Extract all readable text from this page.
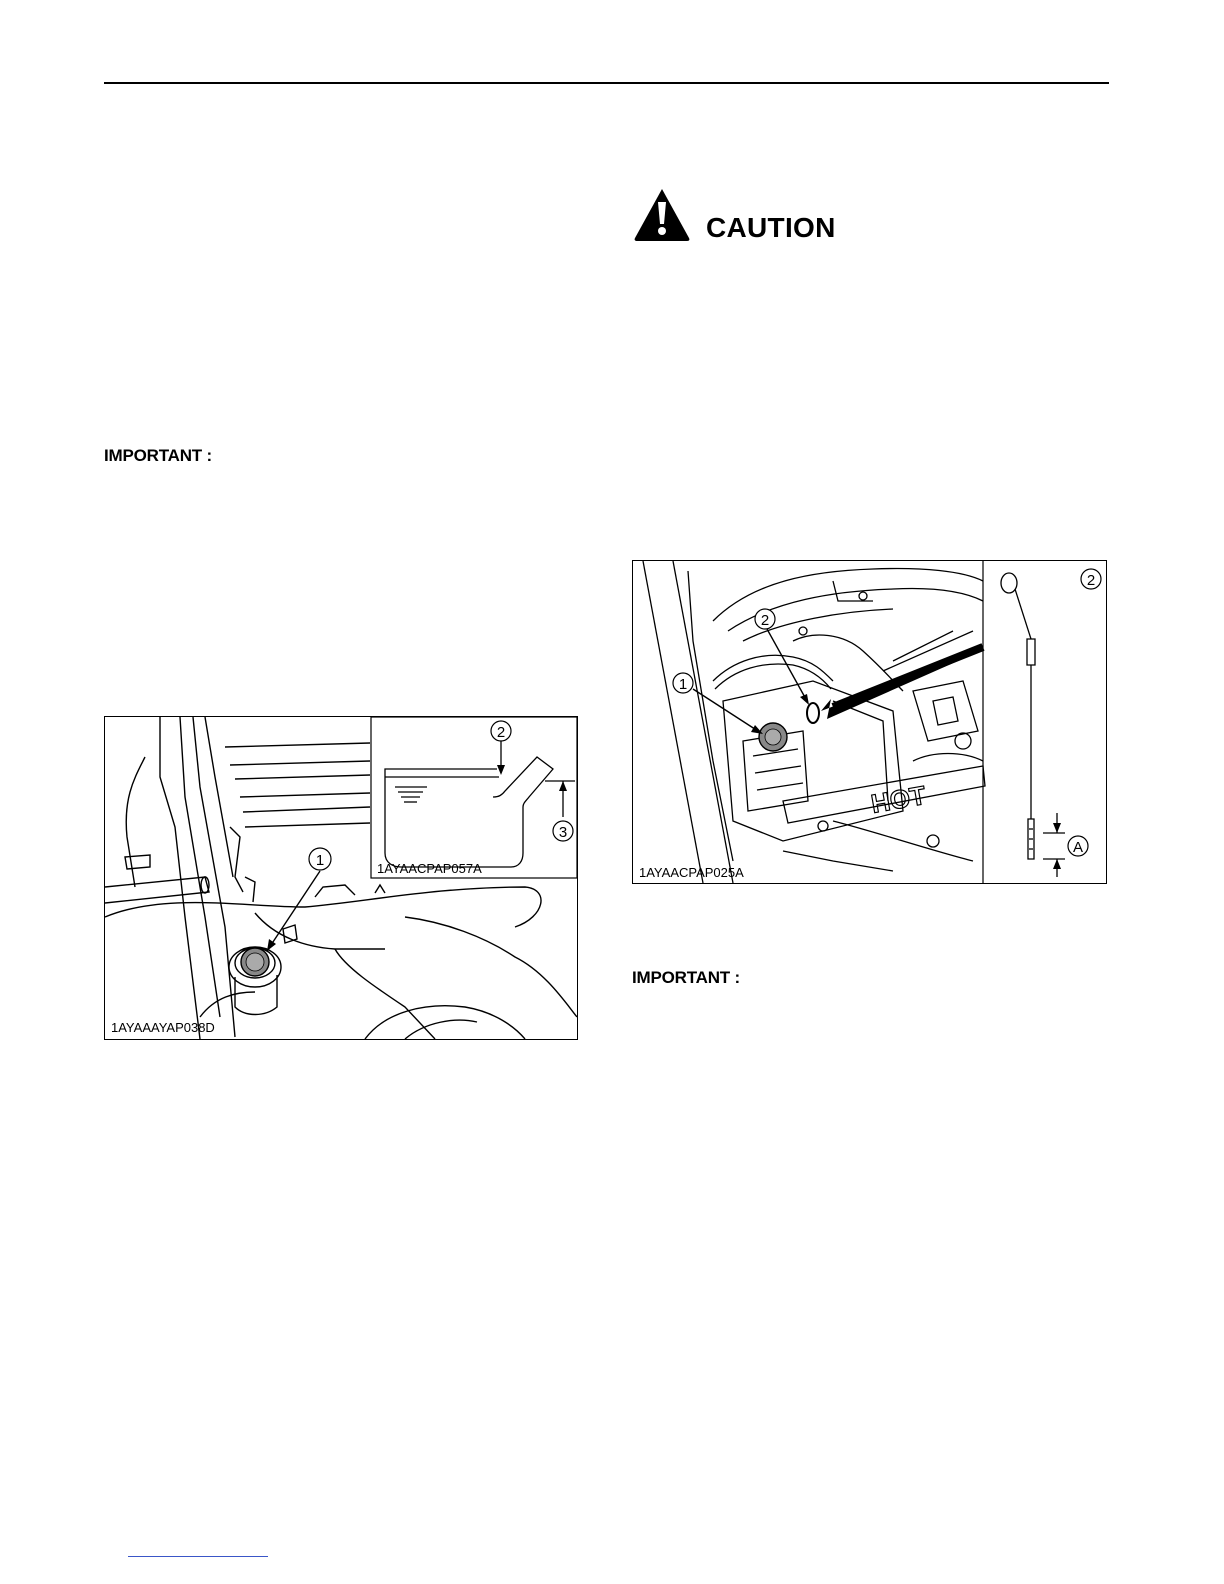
IMPORTANT :
1
2
3
1AYAACPAP057A
1AYAAAYAP038D
CAUTION
HOT
1
2
2
A
1AYAACPAP025A
IMPORTANT :
